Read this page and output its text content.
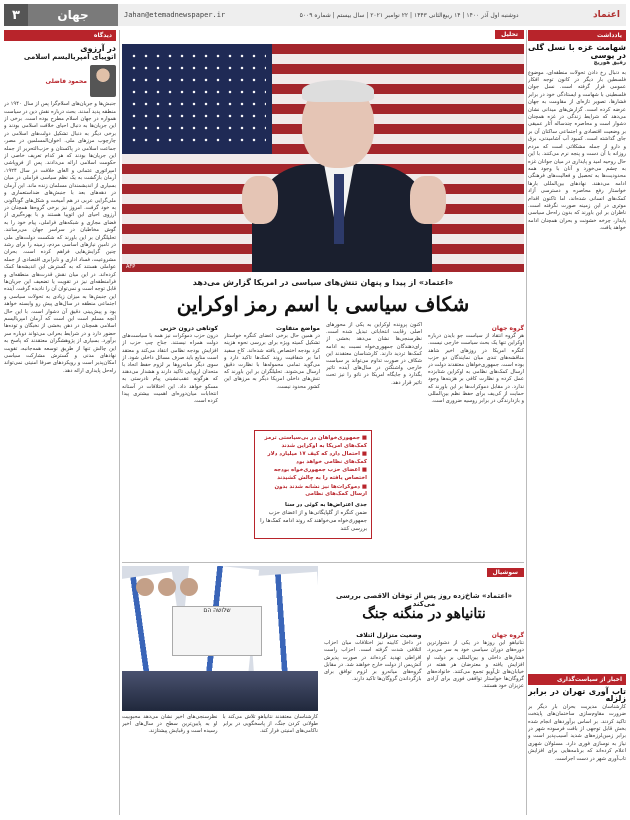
۳	جهان	Jahan@etemadnewspaper.ir	دوشنبه اول آذر ۱۴۰۰ | ۱۴ ربیع‌الثانی ۱۴۴۳ | ۲۲ نوامبر ۲۰۲۱ | سال بیستم | شماره ۵۰۰۹	اعتماد
دیدگاه
در آرزوی
اتوپیای امپریالیسم اسلامی
محمود فاضلی

جنبش‌ها و جریان‌های اسلام‌گرا پس از سال ۱۹۴۰ در منطقه پدید آمدند. بحث درباره نقش دین در سیاست همواره در جهان اسلام مطرح بوده است. برخی از این جریان‌ها به دنبال احیای خلافت اسلامی بودند و برخی دیگر به دنبال تشکیل دولت‌های اسلامی در چارچوب مرزهای ملی. اخوان‌المسلمین در مصر، جماعت اسلامی در پاکستان و حزب‌التحریر از جمله این جریان‌ها بودند که هر کدام تعریف خاصی از حکومت اسلامی ارائه می‌دادند. پس از فروپاشی امپراتوری عثمانی و الغای خلافت در سال ۱۹۲۴، آرمان بازگشت به یک نظم سیاسی فراملی در میان بسیاری از اندیشمندان مسلمان زنده ماند. این آرمان در دهه‌های بعد با جنبش‌های ضداستعماری و ملی‌گرایی عربی در هم آمیخت و شکل‌های گوناگونی به خود گرفت. امروز نیز برخی گروه‌ها همچنان در آرزوی احیای این اتوپیا هستند و با بهره‌گیری از فضای مجازی و شبکه‌های فراملی، پیام خود را به گوش مخاطبان در سراسر جهان می‌رسانند. تحلیلگران بر این باورند که شکست دولت‌های ملی در تامین نیازهای اساسی مردم، زمینه را برای رشد چنین گرایش‌هایی فراهم کرده است. بحران مشروعیت، فساد اداری و نابرابری اقتصادی از جمله عواملی هستند که به گسترش این اندیشه‌ها کمک کرده‌اند. در این میان نقش قدرت‌های منطقه‌ای و فرامنطقه‌ای نیز در تقویت یا تضعیف این جریان‌ها قابل توجه است و نمی‌توان آن را نادیده گرفت. آینده این جنبش‌ها به میزان زیادی به تحولات سیاسی و اجتماعی منطقه در سال‌های پیش رو وابسته خواهد بود و پیش‌بینی دقیق آن دشوار است. با این حال آنچه مسلم است این است که آرمان امپریالیسم اسلامی همچنان در ذهن بخشی از نخبگان و توده‌ها حضور دارد و در شرایط بحرانی می‌تواند دوباره سر برآورد. بسیاری از پژوهشگران معتقدند که پاسخ به این چالش تنها از طریق توسعه همه‌جانبه، تقویت نهادهای مدنی و گسترش مشارکت سیاسی امکان‌پذیر است و رویکردهای صرفا امنیتی نمی‌تواند راه‌حل پایداری ارائه دهد.

یادداشت
شهامت غزه با نسل گلی در یوسی
رفیق هوریچ

به دنبال رخ دادن تحولات منطقه‌ای، موضوع فلسطین بار دیگر در کانون توجه افکار عمومی قرار گرفته است. نسل جوان فلسطینی با شهامت و ایستادگی خود در برابر فشارها، تصویر تازه‌ای از مقاومت به جهان عرضه کرده است. گزارش‌های میدانی نشان می‌دهد که شرایط زندگی در غزه همچنان دشوار است و محاصره چندساله آثار عمیقی بر وضعیت اقتصادی و اجتماعی ساکنان آن بر جای گذاشته است. کمبود آب آشامیدنی، برق و دارو از جمله مشکلاتی است که مردم روزانه با آن دست و پنجه نرم می‌کنند. با این حال روحیه امید و پایداری در میان جوانان غزه به چشم می‌خورد و آنان با وجود همه محدودیت‌ها به تحصیل و فعالیت‌های فرهنگی ادامه می‌دهند. نهادهای بین‌المللی بارها خواستار رفع محاصره و دسترسی آزاد کمک‌های انسانی شده‌اند، اما تاکنون اقدام موثری در این زمینه صورت نگرفته است. ناظران بر این باورند که بدون راه‌حل سیاسی پایدار، چرخه خشونت و بحران همچنان ادامه خواهد یافت.

اخبار از سیاست‌گذاری
تاب آوری تهران در برابر زلزله

کارشناسان مدیریت بحران بار دیگر بر ضرورت مقاوم‌سازی ساختمان‌های پایتخت تاکید کردند. بر اساس برآوردهای انجام شده بخش قابل توجهی از بافت فرسوده شهر در برابر زمین‌لرزه‌های شدید آسیب‌پذیر است و نیاز به نوسازی فوری دارد. مسئولان شهری اعلام کرده‌اند که برنامه‌هایی برای افزایش تاب‌آوری شهر در دست اجراست.

تحلیل
AFP
«اعتماد» از پیدا و پنهان تنش‌های سیاسی در امریکا گزارش می‌دهد
شکاف سیاسی با اسم رمز اوکراین
گروه جهان
هر گروه انتقاد از سیاست جو بایدن درباره اوکراین تنها یک بحث سیاست خارجی نیست. کنگره امریکا در روزهای اخیر شاهد مناقشه‌های تندی میان نمایندگان دو حزب بوده است. جمهوری‌خواهان معتقدند دولت در ارسال کمک‌های نظامی به اوکراین شتابزده عمل کرده و نظارت کافی بر هزینه‌ها وجود ندارد. در مقابل دموکرات‌ها بر این باورند که حمایت از کی‌یف برای حفظ نظم بین‌المللی و بازدارندگی در برابر روسیه ضروری است.
اکنون پرونده اوکراین به یکی از محورهای اصلی رقابت انتخاباتی تبدیل شده است. نظرسنجی‌ها نشان می‌دهد بخشی از رای‌دهندگان جمهوری‌خواه نسبت به ادامه کمک‌ها تردید دارند. کارشناسان معتقدند این شکاف در صورت تداوم می‌تواند بر سیاست خارجی واشنگتن در سال‌های آینده تاثیر بگذارد و جایگاه امریکا در ناتو را نیز تحت تاثیر قرار دهد.
مواضع متفاوت
در همین حال برخی اعضای کنگره خواستار تشکیل کمیته ویژه برای بررسی نحوه هزینه کرد بودجه اختصاص یافته شده‌اند. کاخ سفید اما بر شفافیت روند کمک‌ها تاکید دارد و می‌گوید تمامی محموله‌ها با نظارت دقیق ارسال می‌شوند. تحلیلگران بر این باورند که تنش‌های داخلی امریکا دیگر به مرزهای این کشور محدود نیست.
کوتاهی درون حزبی
درون حزب دموکرات نیز همه با سیاست‌های دولت همراه نیستند. جناح چپ حزب از افزایش بودجه نظامی انتقاد می‌کند و معتقد است منابع باید صرف مسائل داخلی شود. از سوی دیگر میانه‌روها بر لزوم حفظ اتحاد با متحدان اروپایی تاکید دارند و هشدار می‌دهند که هرگونه عقب‌نشینی پیام نادرستی به مسکو خواهد داد. این اختلافات در آستانه انتخابات میان‌دوره‌ای اهمیت بیشتری پیدا کرده است.
■ جمهوری‌خواهان در بی‌سیاستی ترمز کمک‌های امریکا به اوکراین شدند
■ احتمال دارد که کیف ۱۷ میلیارد دلار کمک‌های نظامی خواهد بود
■ اعضای حزب جمهوری‌خواه بودجه اختصاص یافته را به چالش کشیدند
■ دموکرات‌ها نیز نشانه شدند بدون ارسال کمک‌های نظامی
جدی اعتراض‌ها به کوئی در سنا
ضمن کنگره از گلپایگانی‌ها و از اعضای حزب جمهوری‌خواه می‌خواهند که روند ادامه کمک‌ها را بررسی کنند
שלושה הם
سوشیال
«اعتماد» شاخ‌زده روز پس از توفان الاقصی بررسی می‌کند
نتانیاهو در منگنه جنگ
گروه جهان
نتانیاهو این روزها در یکی از دشوارترین دوره‌های دوران سیاسی خود به سر می‌برد. فشارهای داخلی و بین‌المللی بر دولت او افزایش یافته و معترضان هر هفته در خیابان‌های تل‌آویو تجمع می‌کنند. خانواده‌های گروگان‌ها خواستار توافقی فوری برای آزادی عزیزان خود هستند.
وضعیت متزلزل ائتلاف
در داخل کابینه نیز اختلافات میان احزاب ائتلافی شدت گرفته است. احزاب راست افراطی تهدید کرده‌اند در صورت پذیرش آتش‌بس از دولت خارج خواهند شد. در مقابل گروه‌های میانه‌رو بر لزوم توافق برای بازگرداندن گروگان‌ها تاکید دارند.
کارشناسان معتقدند نتانیاهو تلاش می‌کند با طولانی کردن جنگ، از پاسخگویی در برابر ناکامی‌های امنیتی فرار کند.
نظرسنجی‌های اخیر نشان می‌دهد محبوبیت او به پایین‌ترین سطح در سال‌های اخیر رسیده است و رقبایش پیشتازند.
